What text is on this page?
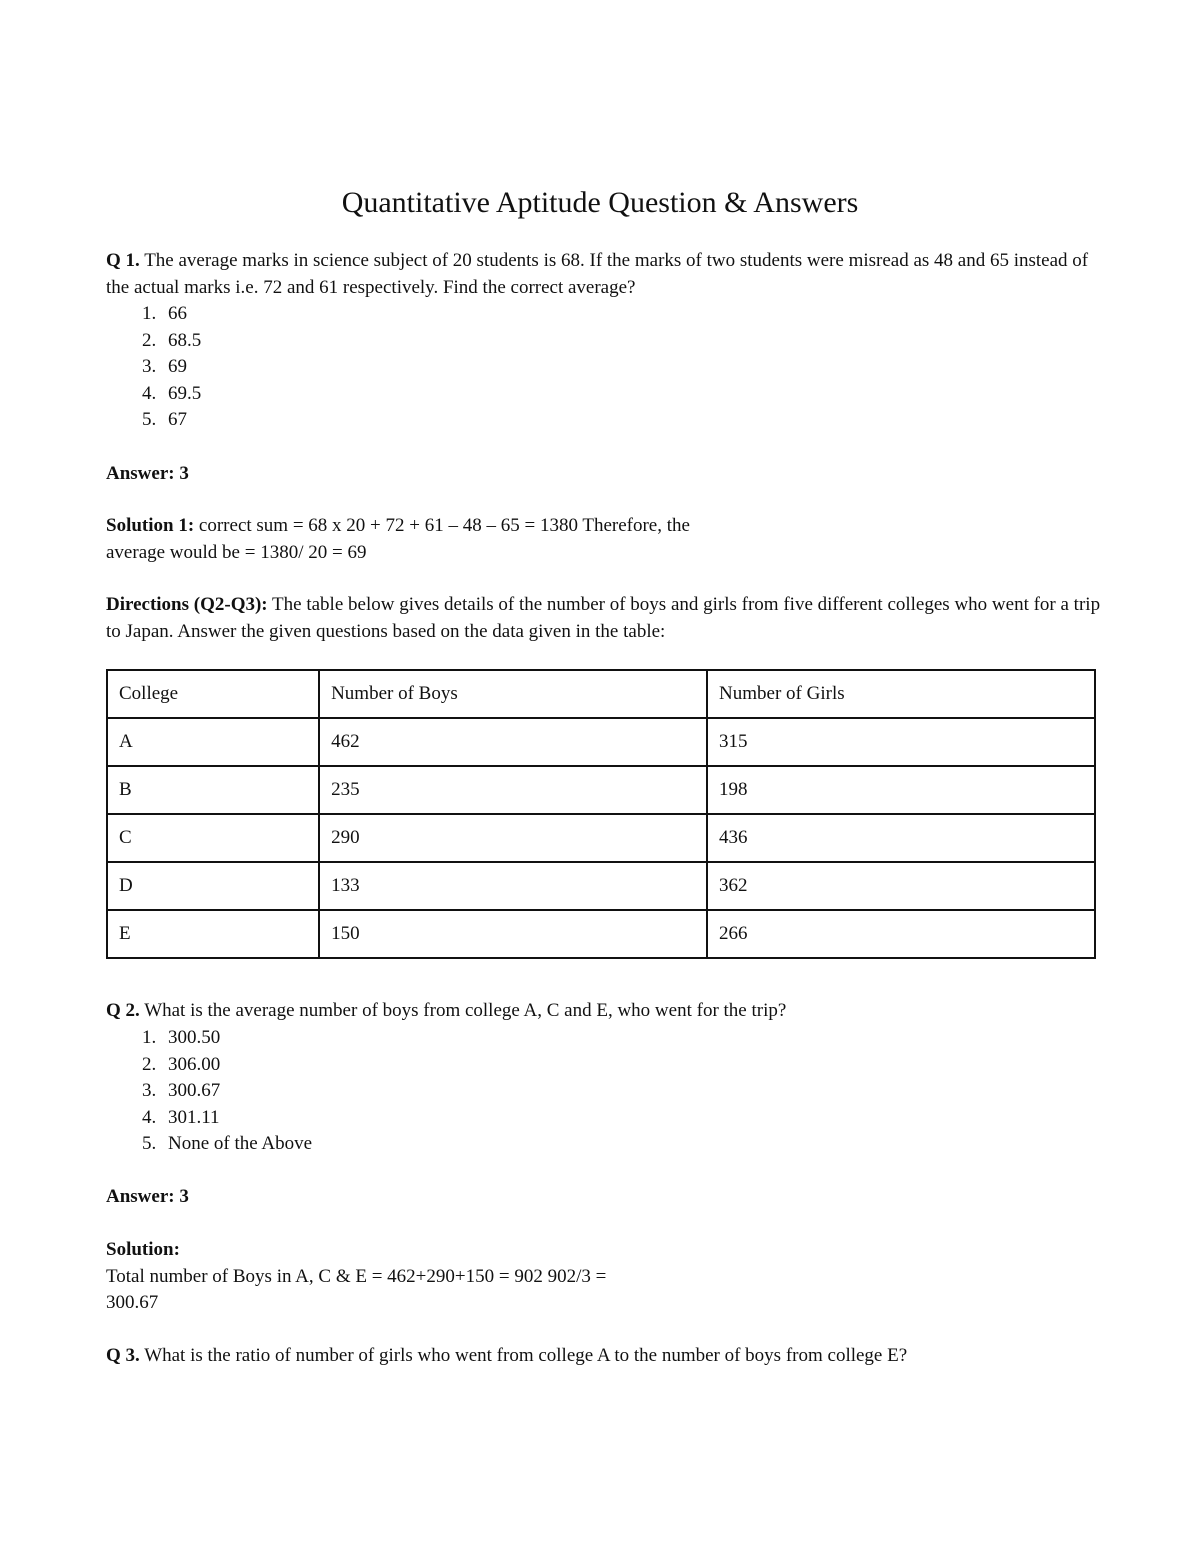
Quantitative Aptitude Question & Answers
Q 1. The average marks in science subject of 20 students is 68. If the marks of two students were misread as 48 and 65 instead of the actual marks i.e. 72 and 61 respectively. Find the correct average?
1. 66
2. 68.5
3. 69
4. 69.5
5. 67
Answer: 3
Solution 1: correct sum = 68 x 20 + 72 + 61 – 48 – 65 = 1380 Therefore, the
average would be = 1380/ 20 = 69
Directions (Q2-Q3): The table below gives details of the number of boys and girls from five different colleges who went for a trip to Japan. Answer the given questions based on the data given in the table:
College	Number of Boys	Number of Girls
A	462	315
B	235	198
C	290	436
D	133	362
E	150	266
Q 2. What is the average number of boys from college A, C and E, who went for the trip?
1. 300.50
2. 306.00
3. 300.67
4. 301.11
5. None of the Above
Answer: 3
Solution:
Total number of Boys in A, C & E = 462+290+150 = 902 902/3 =
300.67
Q 3. What is the ratio of number of girls who went from college A to the number of boys from college E?
